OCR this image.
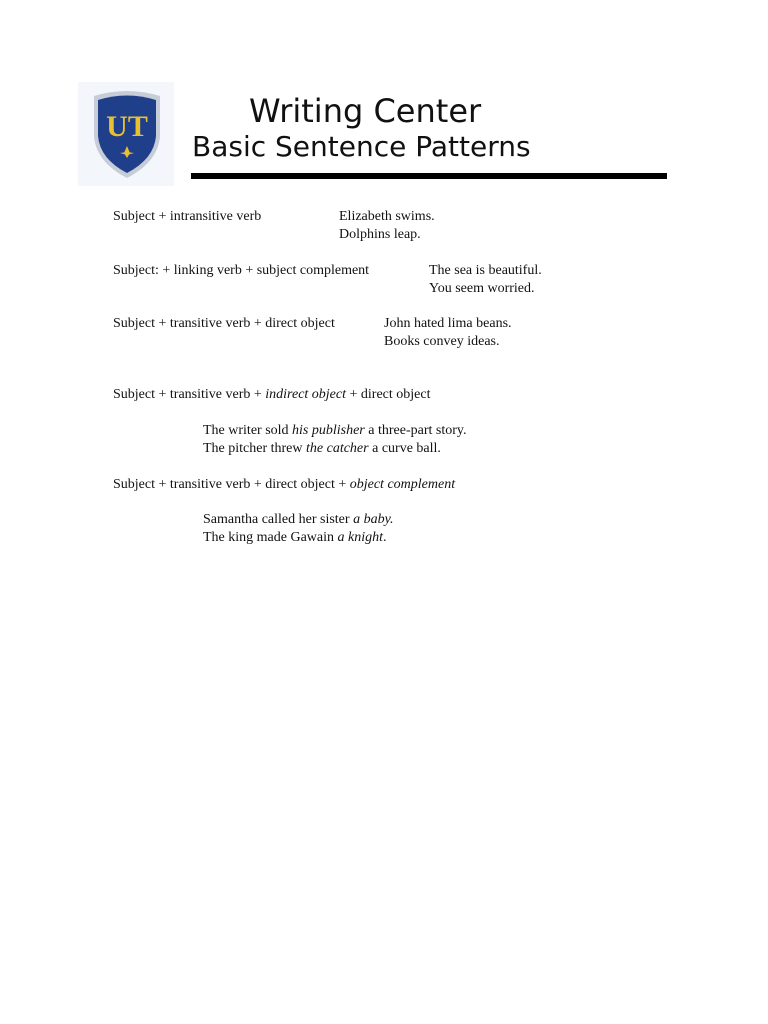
UT	Writing Center
Basic Sentence Patterns
Subject + intransitive verb	Elizabeth swims.
Dolphins leap.
Subject: + linking verb + subject complement	The sea is beautiful.
You seem worried.
Subject + transitive verb + direct object	John hated lima beans.
Books convey ideas.
Subject + transitive verb + indirect object + direct object
The writer sold his publisher a three-part story.
The pitcher threw the catcher a curve ball.
Subject + transitive verb + direct object + object complement
Samantha called her sister a baby.
The king made Gawain a knight.
